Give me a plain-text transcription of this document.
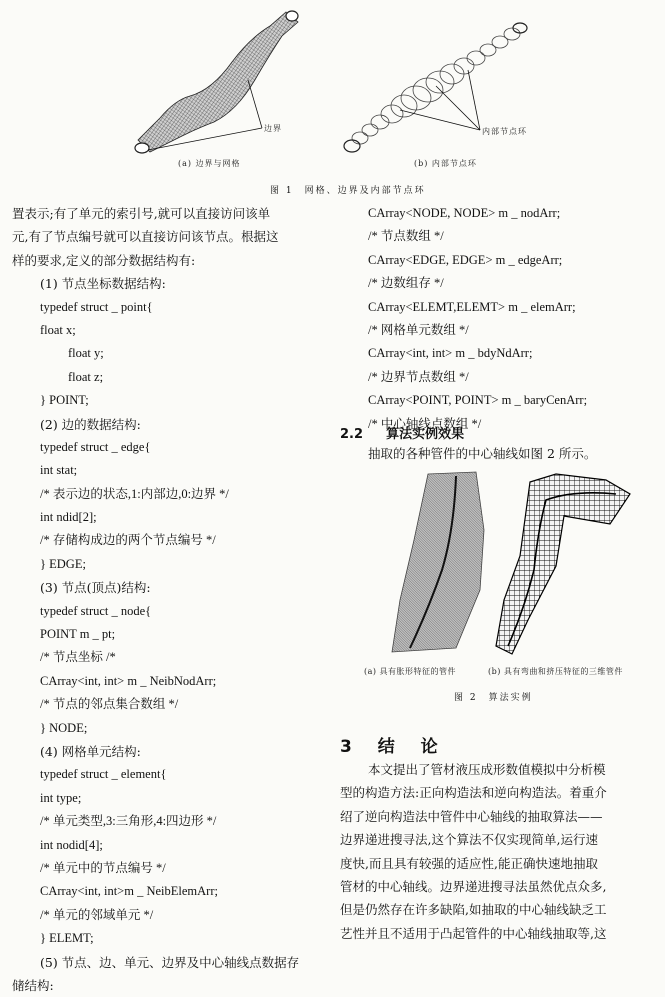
边界	内部节点环
(a) 边界与网格	(b) 内部节点环
图 1　网格、边界及内部节点环
置表示;有了单元的索引号,就可以直接访问该单
元,有了节点编号就可以直接访问该节点。根据这
样的要求,定义的部分数据结构有:
(1) 节点坐标数据结构:
typedef struct _ point{
float x;
float y;
float z;
} POINT;
(2) 边的数据结构:
typedef struct _ edge{
int stat;
/* 表示边的状态,1:内部边,0:边界 */
int ndid[2];
/* 存储构成边的两个节点编号 */
} EDGE;
(3) 节点(顶点)结构:
typedef struct _ node{
POINT m _ pt;
/* 节点坐标 /*
CArray<int, int> m _ NeibNodArr;
/* 节点的邻点集合数组 */
} NODE;
(4) 网格单元结构:
typedef struct _ element{
int type;
/* 单元类型,3:三角形,4:四边形 */
int nodid[4];
/* 单元中的节点编号 */
CArray<int, int>m _ NeibElemArr;
/* 单元的邻域单元 */
} ELEMT;
(5) 节点、边、单元、边界及中心轴线点数据存
储结构:
CArray<NODE, NODE> m _ nodArr;
/* 节点数组 */
CArray<EDGE, EDGE> m _ edgeArr;
/* 边数组存 */
CArray<ELEMT,ELEMT> m _ elemArr;
/* 网格单元数组 */
CArray<int, int> m _ bdyNdArr;
/* 边界节点数组 */
CArray<POINT, POINT> m _ baryCenArr;
/* 中心轴线点数组 */
2.2 算法实例效果
抽取的各种管件的中心轴线如图 2 所示。
(a) 具有胀形特征的管件	(b) 具有弯曲和挤压特征的三维管件
图 2　算法实例
3 结 论
本文提出了管材液压成形数值模拟中分析模
型的构造方法:正向构造法和逆向构造法。着重介
绍了逆向构造法中管件中心轴线的抽取算法——
边界递进搜寻法,这个算法不仅实现简单,运行速
度快,而且具有较强的适应性,能正确快速地抽取
管材的中心轴线。边界递进搜寻法虽然优点众多,
但是仍然存在许多缺陷,如抽取的中心轴线缺乏工
艺性并且不适用于凸起管件的中心轴线抽取等,这
